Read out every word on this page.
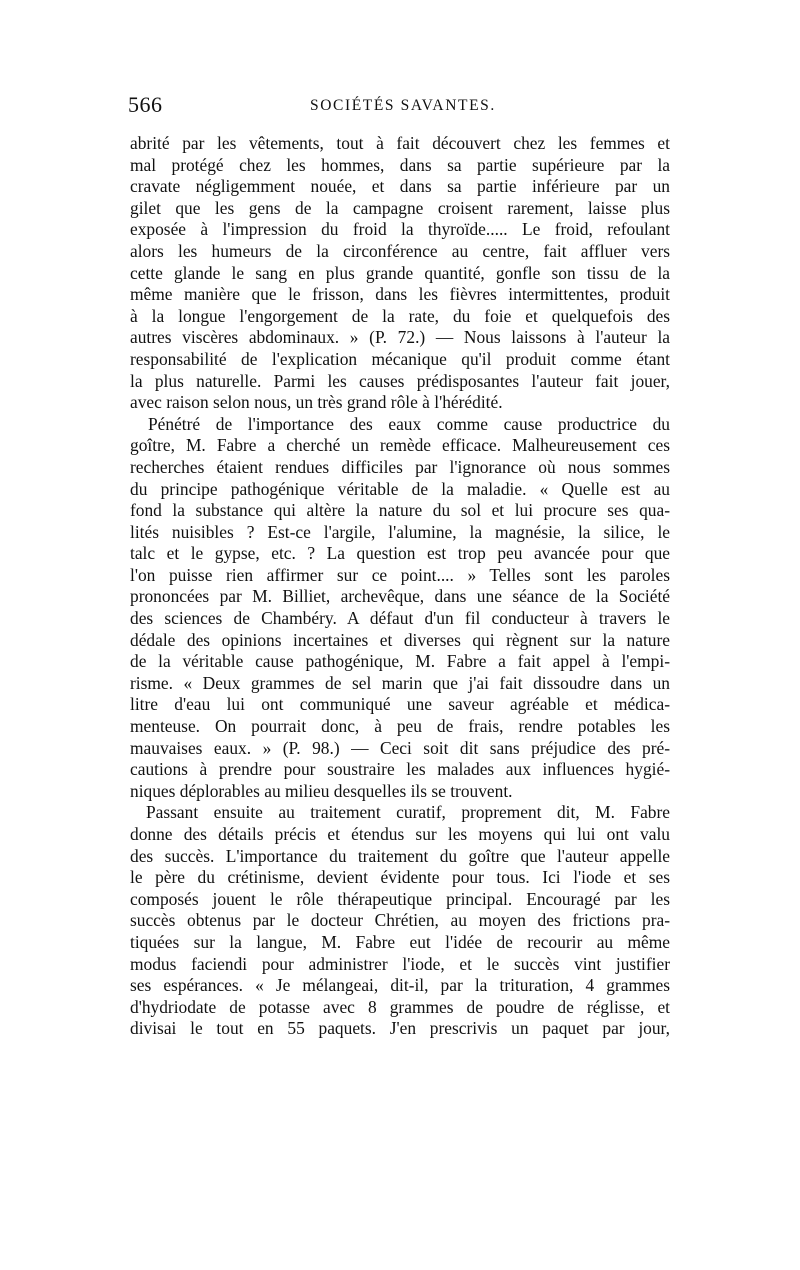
566	SOCIÉTÉS SAVANTES.
abrité par les vêtements, tout à fait découvert chez les femmes et
mal protégé chez les hommes, dans sa partie supérieure par la
cravate négligemment nouée, et dans sa partie inférieure par un
gilet que les gens de la campagne croisent rarement, laisse plus
exposée à l'impression du froid la thyroïde..... Le froid, refoulant
alors les humeurs de la circonférence au centre, fait affluer vers
cette glande le sang en plus grande quantité, gonfle son tissu de la
même manière que le frisson, dans les fièvres intermittentes, produit
à la longue l'engorgement de la rate, du foie et quelquefois des
autres viscères abdominaux. » (P. 72.) — Nous laissons à l'auteur la
responsabilité de l'explication mécanique qu'il produit comme étant
la plus naturelle. Parmi les causes prédisposantes l'auteur fait jouer,
avec raison selon nous, un très grand rôle à l'hérédité.
Pénétré de l'importance des eaux comme cause productrice du
goître, M. Fabre a cherché un remède efficace. Malheureusement ces
recherches étaient rendues difficiles par l'ignorance où nous sommes
du principe pathogénique véritable de la maladie. « Quelle est au
fond la substance qui altère la nature du sol et lui procure ses qua-
lités nuisibles ? Est-ce l'argile, l'alumine, la magnésie, la silice, le
talc et le gypse, etc. ? La question est trop peu avancée pour que
l'on puisse rien affirmer sur ce point.... » Telles sont les paroles
prononcées par M. Billiet, archevêque, dans une séance de la Société
des sciences de Chambéry. A défaut d'un fil conducteur à travers le
dédale des opinions incertaines et diverses qui règnent sur la nature
de la véritable cause pathogénique, M. Fabre a fait appel à l'empi-
risme. « Deux grammes de sel marin que j'ai fait dissoudre dans un
litre d'eau lui ont communiqué une saveur agréable et médica-
menteuse. On pourrait donc, à peu de frais, rendre potables les
mauvaises eaux. » (P. 98.) — Ceci soit dit sans préjudice des pré-
cautions à prendre pour soustraire les malades aux influences hygié-
niques déplorables au milieu desquelles ils se trouvent.
Passant ensuite au traitement curatif, proprement dit, M. Fabre
donne des détails précis et étendus sur les moyens qui lui ont valu
des succès. L'importance du traitement du goître que l'auteur appelle
le père du crétinisme, devient évidente pour tous. Ici l'iode et ses
composés jouent le rôle thérapeutique principal. Encouragé par les
succès obtenus par le docteur Chrétien, au moyen des frictions pra-
tiquées sur la langue, M. Fabre eut l'idée de recourir au même
modus faciendi pour administrer l'iode, et le succès vint justifier
ses espérances. « Je mélangeai, dit-il, par la trituration, 4 grammes
d'hydriodate de potasse avec 8 grammes de poudre de réglisse, et
divisai le tout en 55 paquets. J'en prescrivis un paquet par jour,
